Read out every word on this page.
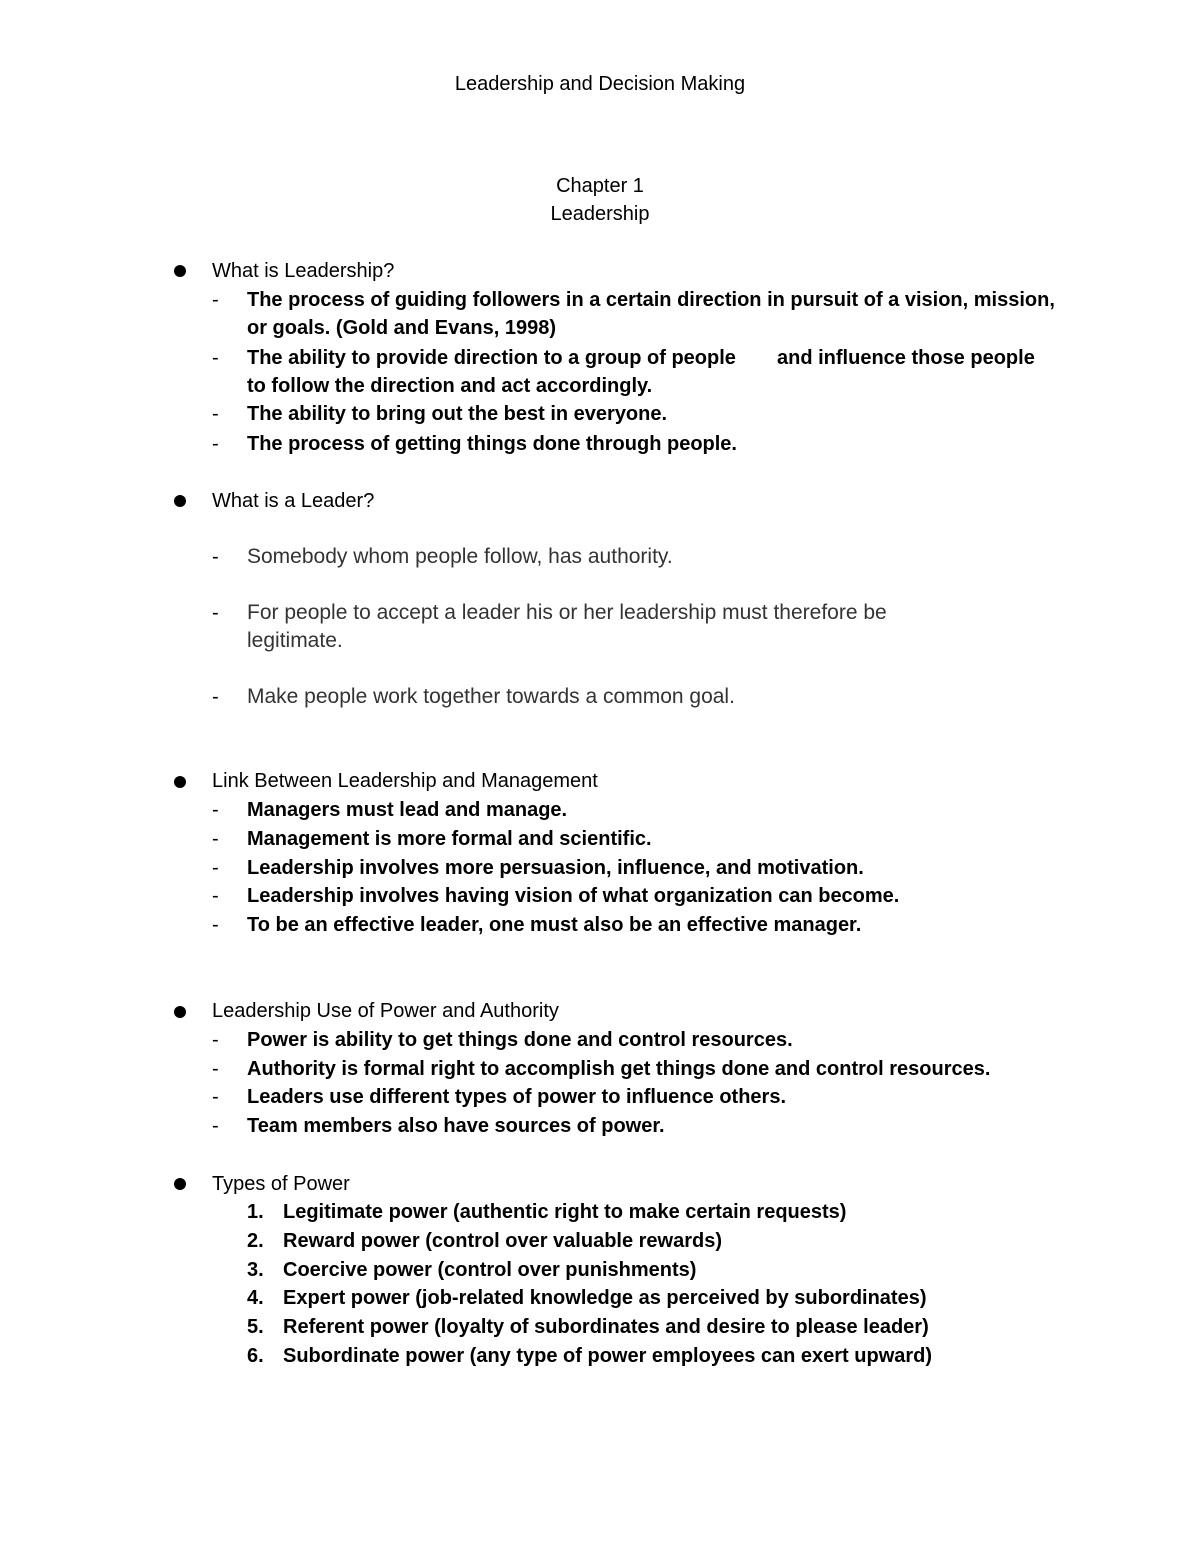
Leadership and Decision Making
Chapter 1
Leadership
What is Leadership?
- The process of guiding followers in a certain direction in pursuit of a vision, mission,
or goals. (Gold and Evans, 1998)
- The ability to provide direction to a group of people and influence those people
to follow the direction and act accordingly.
- The ability to bring out the best in everyone.
- The process of getting things done through people.
What is a Leader?
- Somebody whom people follow, has authority.
- For people to accept a leader his or her leadership must therefore be
legitimate.
- Make people work together towards a common goal.
Link Between Leadership and Management
- Managers must lead and manage.
- Management is more formal and scientific.
- Leadership involves more persuasion, influence, and motivation.
- Leadership involves having vision of what organization can become.
- To be an effective leader, one must also be an effective manager.
Leadership Use of Power and Authority
- Power is ability to get things done and control resources.
- Authority is formal right to accomplish get things done and control resources.
- Leaders use different types of power to influence others.
- Team members also have sources of power.
Types of Power
1. Legitimate power (authentic right to make certain requests)
2. Reward power (control over valuable rewards)
3. Coercive power (control over punishments)
4. Expert power (job-related knowledge as perceived by subordinates)
5. Referent power (loyalty of subordinates and desire to please leader)
6. Subordinate power (any type of power employees can exert upward)
